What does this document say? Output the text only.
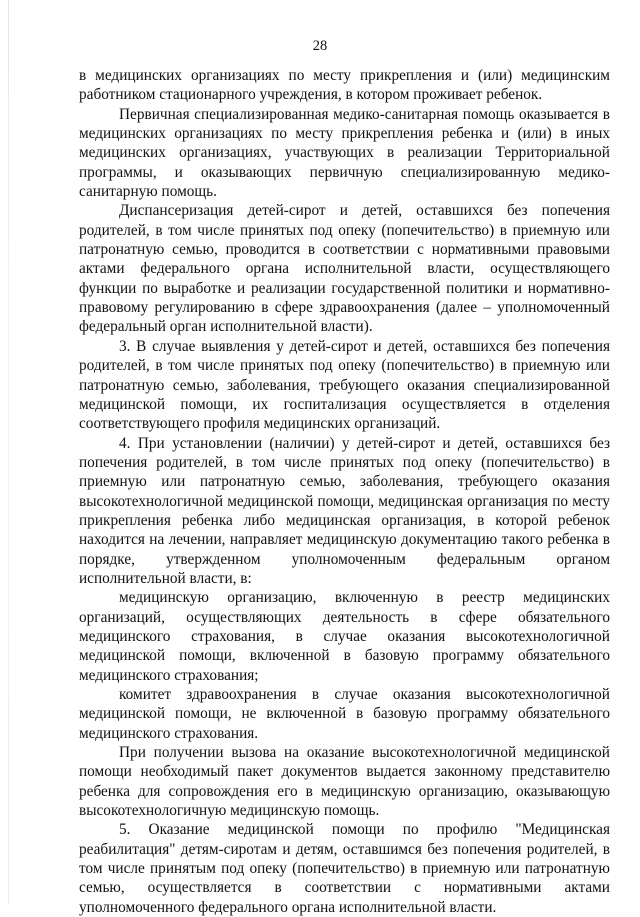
28

в медицинских организациях по месту прикрепления и (или) медицинским работником стационарного учреждения, в котором проживает ребенок.

Первичная специализированная медико-санитарная помощь оказывается в медицинских организациях по месту прикрепления ребенка и (или) в иных медицинских организациях, участвующих в реализации Территориальной программы, и оказывающих первичную специализированную медико-санитарную помощь.

Диспансеризация детей-сирот и детей, оставшихся без попечения родителей, в том числе принятых под опеку (попечительство) в приемную или патронатную семью, проводится в соответствии с нормативными правовыми актами федерального органа исполнительной власти, осуществляющего функции по выработке и реализации государственной политики и нормативно-правовому регулированию в сфере здравоохранения (далее – уполномоченный федеральный орган исполнительной власти).

3. В случае выявления у детей-сирот и детей, оставшихся без попечения родителей, в том числе принятых под опеку (попечительство) в приемную или патронатную семью, заболевания, требующего оказания специализированной медицинской помощи, их госпитализация осуществляется в отделения соответствующего профиля медицинских организаций.

4. При установлении (наличии) у детей-сирот и детей, оставшихся без попечения родителей, в том числе принятых под опеку (попечительство) в приемную или патронатную семью, заболевания, требующего оказания высокотехнологичной медицинской помощи, медицинская организация по месту прикрепления ребенка либо медицинская организация, в которой ребенок находится на лечении, направляет медицинскую документацию такого ребенка в порядке, утвержденном уполномоченным федеральным органом исполнительной власти, в:

медицинскую организацию, включенную в реестр медицинских организаций, осуществляющих деятельность в сфере обязательного медицинского страхования, в случае оказания высокотехнологичной медицинской помощи, включенной в базовую программу обязательного медицинского страхования;

комитет здравоохранения в случае оказания высокотехнологичной медицинской помощи, не включенной в базовую программу обязательного медицинского страхования.

При получении вызова на оказание высокотехнологичной медицинской помощи необходимый пакет документов выдается законному представителю ребенка для сопровождения его в медицинскую организацию, оказывающую высокотехнологичную медицинскую помощь.

5. Оказание медицинской помощи по профилю "Медицинская реабилитация" детям-сиротам и детям, оставшимся без попечения родителей, в том числе принятым под опеку (попечительство) в приемную или патронатную семью, осуществляется в соответствии с нормативными актами уполномоченного федерального органа исполнительной власти.
